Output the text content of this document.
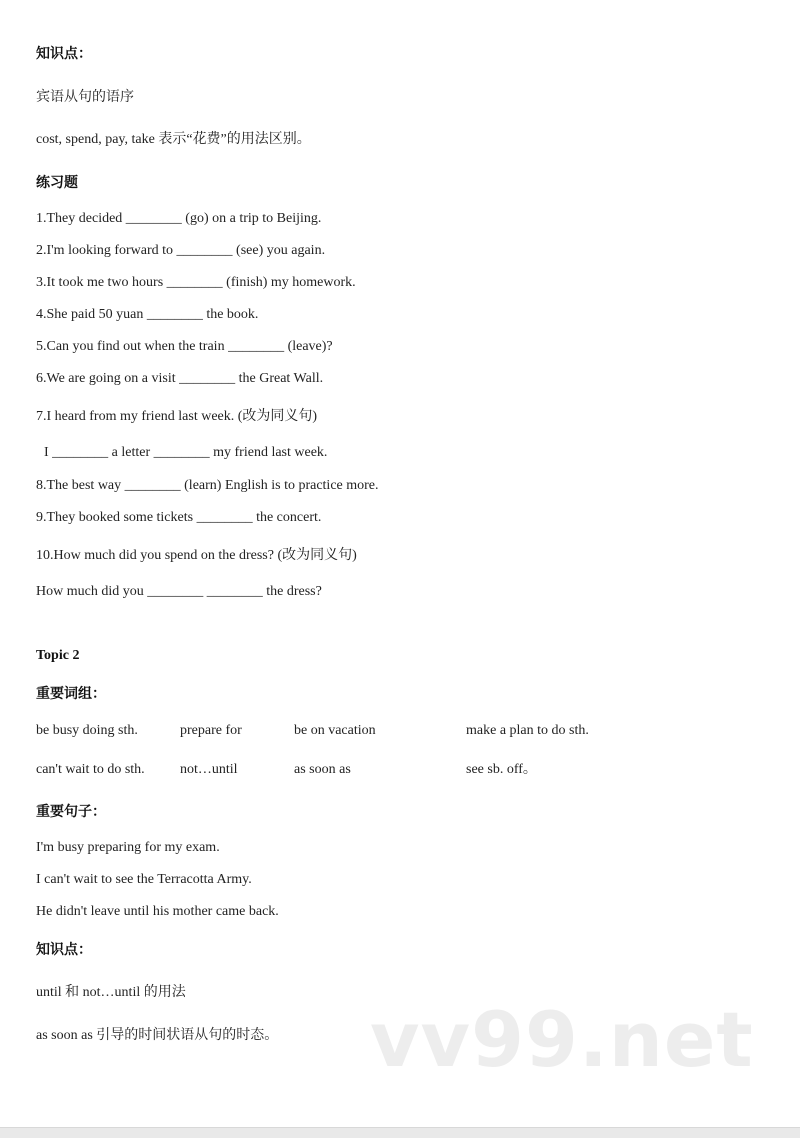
知识点：
宾语从句的语序
cost, spend, pay, take 表示“花费”的用法区别。
练习题
1.They decided ________ (go) on a trip to Beijing.
2.I'm looking forward to ________ (see) you again.
3.It took me two hours ________ (finish) my homework.
4.She paid 50 yuan ________ the book.
5.Can you find out when the train ________ (leave)?
6.We are going on a visit ________ the Great Wall.
7.I heard from my friend last week. (改为同义句)
I ________ a letter ________ my friend last week.
8.The best way ________ (learn) English is to practice more.
9.They booked some tickets ________ the concert.
10.How much did you spend on the dress? (改为同义句)
How much did you ________ ________ the dress?
Topic 2
重要词组：
be busy doing sth.	prepare for	be on vacation	make a plan to do sth.
can't wait to do sth.	not…until	as soon as	see sb. off。
重要句子：
I'm busy preparing for my exam.
I can't wait to see the Terracotta Army.
He didn't leave until his mother came back.
知识点：
until 和 not…until 的用法
as soon as 引导的时间状语从句的时态。 vv99.net
